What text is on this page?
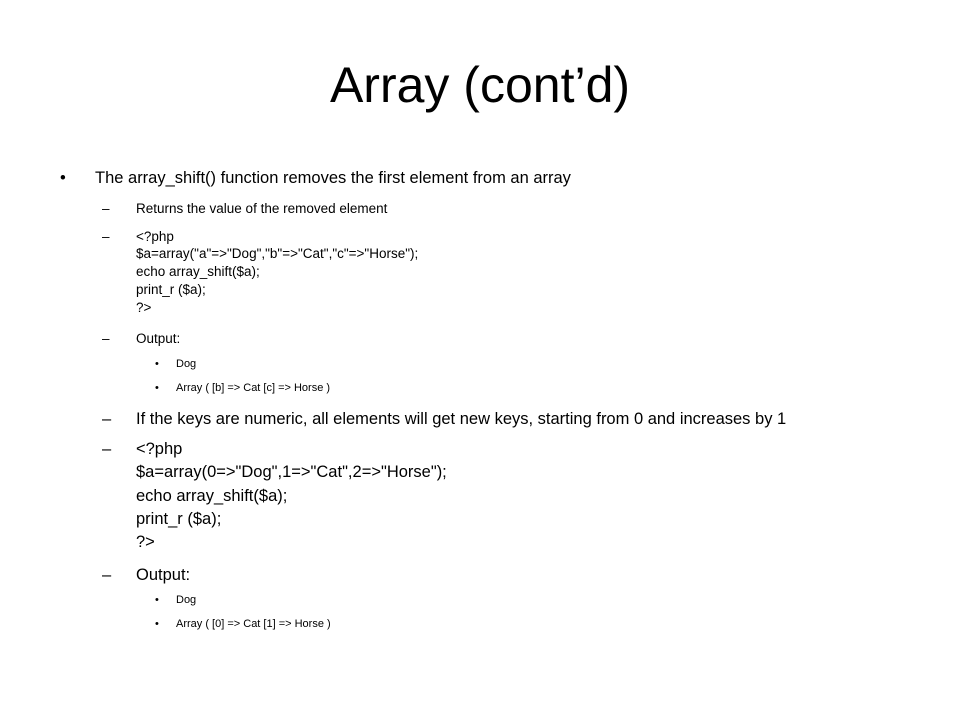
Array (cont’d)
• The array_shift() function removes the first element from an array
– Returns the value of the removed element
– <?php
$a=array("a"=>"Dog","b"=>"Cat","c"=>"Horse");
echo array_shift($a);
print_r ($a);
?>
– Output:
• Dog
• Array ( [b] => Cat [c] => Horse )
– If the keys are numeric, all elements will get new keys, starting from 0 and increases by 1
– <?php
$a=array(0=>"Dog",1=>"Cat",2=>"Horse");
echo array_shift($a);
print_r ($a);
?>
– Output:
• Dog
• Array ( [0] => Cat [1] => Horse )
